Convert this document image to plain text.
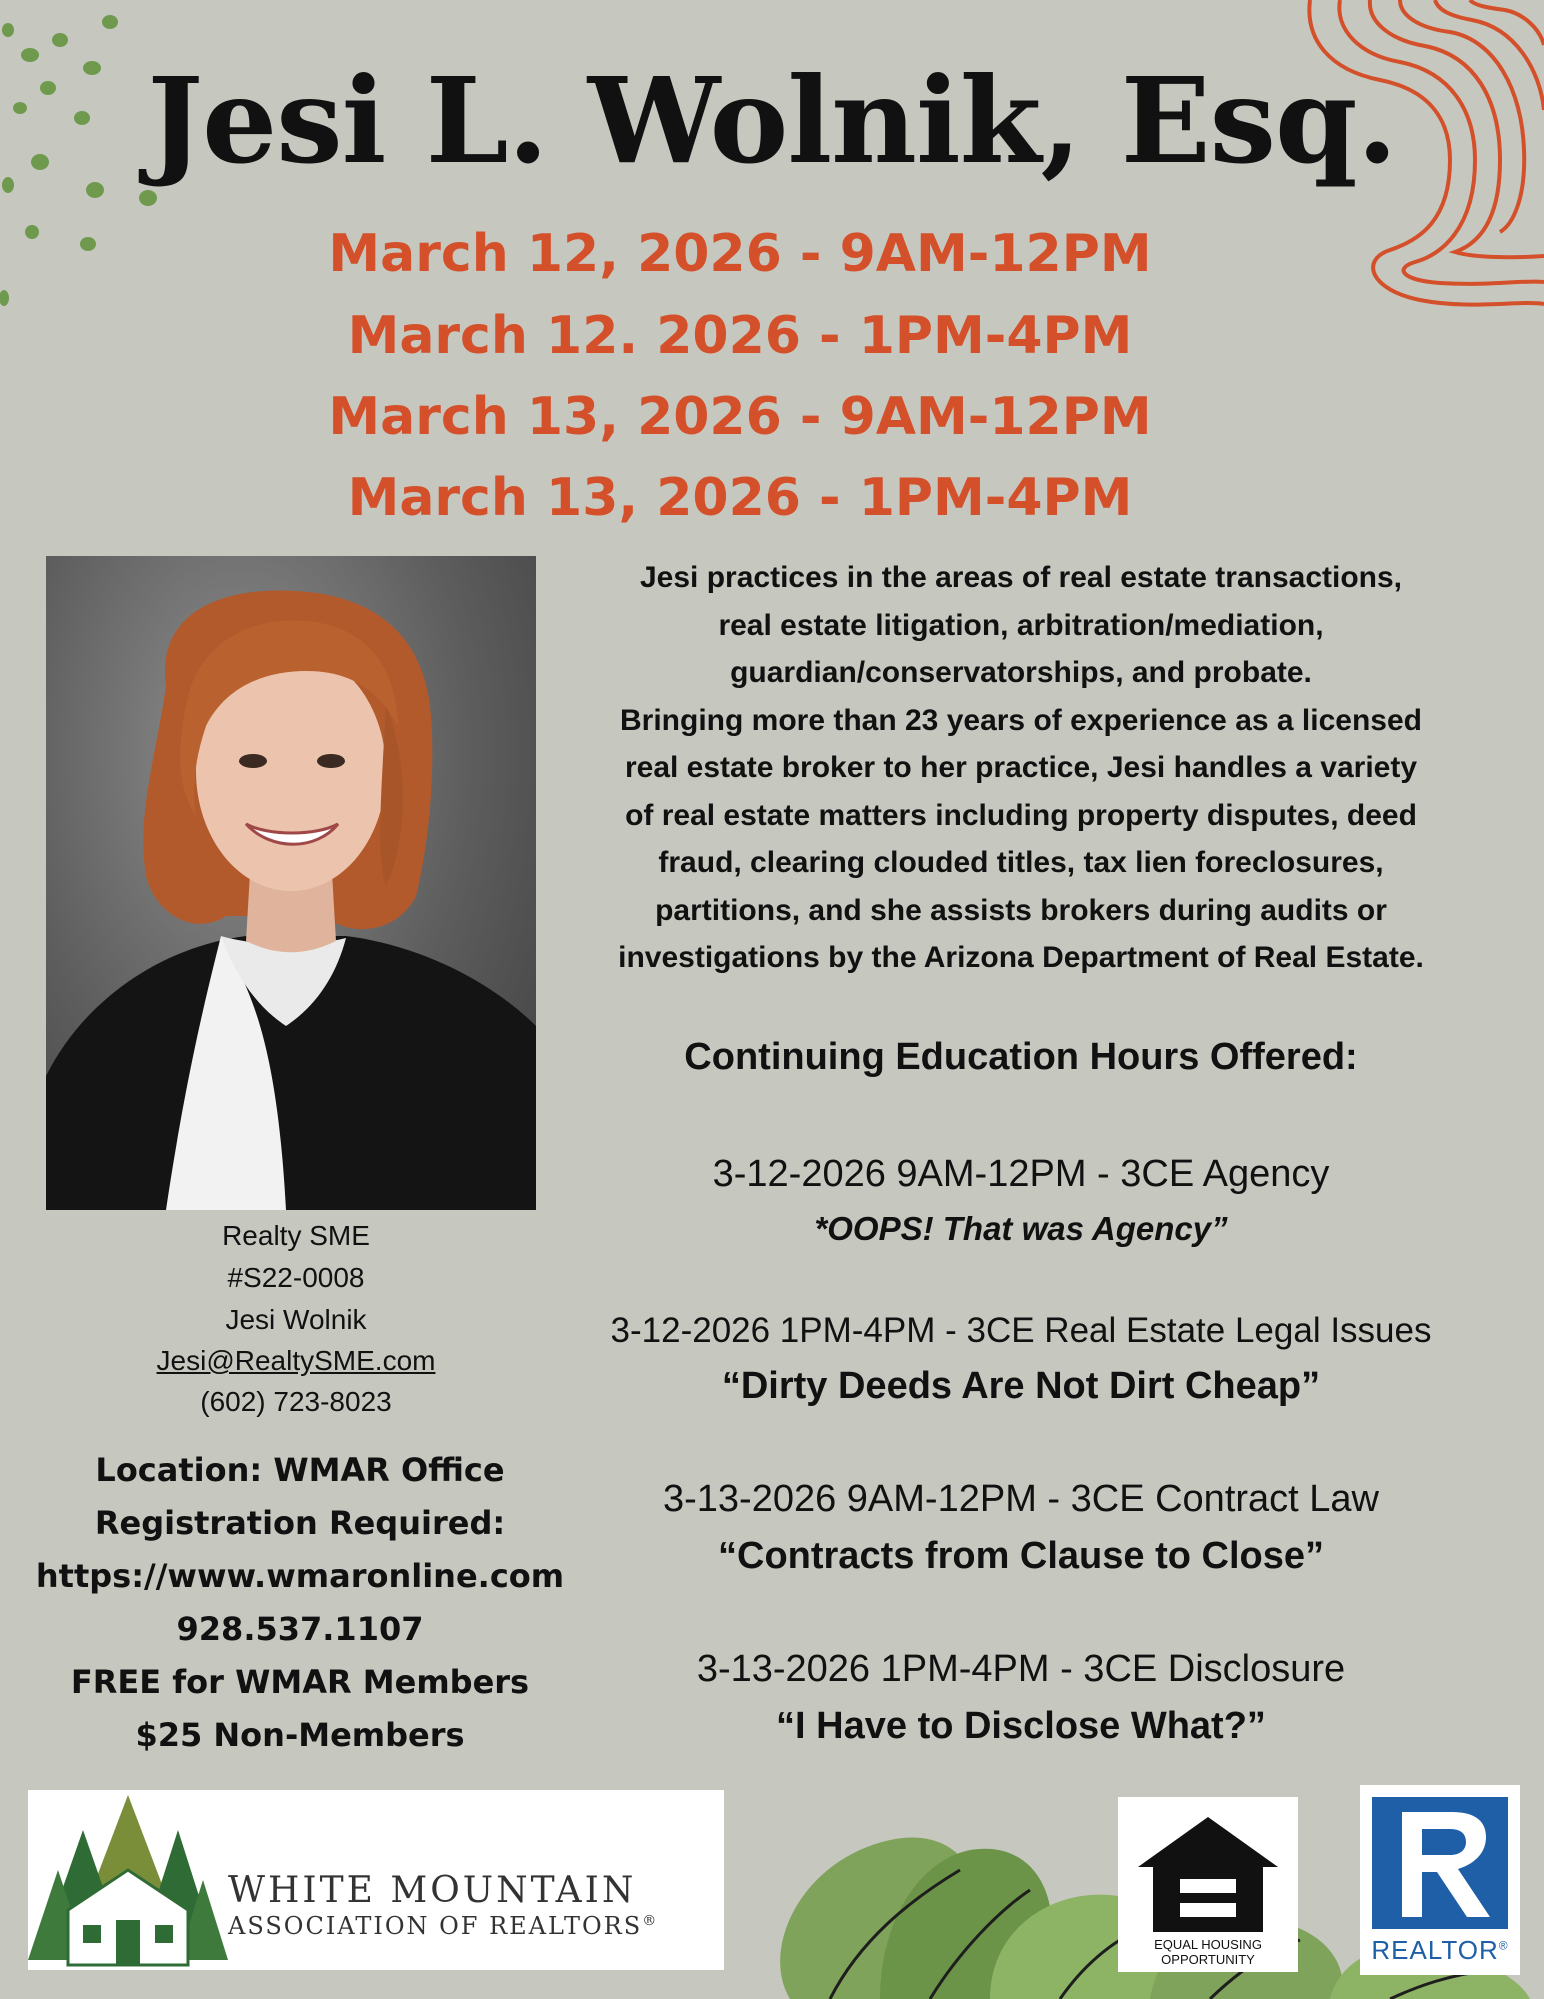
Jesi L. Wolnik, Esq.
March 12, 2026 - 9AM-12PM
March 12. 2026 - 1PM-4PM
March 13, 2026 - 9AM-12PM
March 13, 2026 - 1PM-4PM
Jesi practices in the areas of real estate transactions,
real estate litigation, arbitration/mediation,
guardian/conservatorships, and probate.
Bringing more than 23 years of experience as a licensed
real estate broker to her practice, Jesi handles a variety
of real estate matters including property disputes, deed
fraud, clearing clouded titles, tax lien foreclosures,
partitions, and she assists brokers during audits or
investigations by the Arizona Department of Real Estate.
Continuing Education Hours Offered:
3-12-2026 9AM-12PM - 3CE Agency
*OOPS! That was Agency”
3-12-2026 1PM-4PM - 3CE Real Estate Legal Issues
“Dirty Deeds Are Not Dirt Cheap”
3-13-2026 9AM-12PM - 3CE Contract Law
“Contracts from Clause to Close”
3-13-2026 1PM-4PM - 3CE Disclosure
“I Have to Disclose What?”
Realty SME
#S22-0008
Jesi Wolnik
Jesi@RealtySME.com
(602) 723-8023
Location: WMAR Office
Registration Required:
https://www.wmaronline.com
928.537.1107
FREE for WMAR Members
$25 Non-Members
WHITE MOUNTAIN
ASSOCIATION OF REALTORS®
EQUAL HOUSING
OPPORTUNITY	REALTOR®
